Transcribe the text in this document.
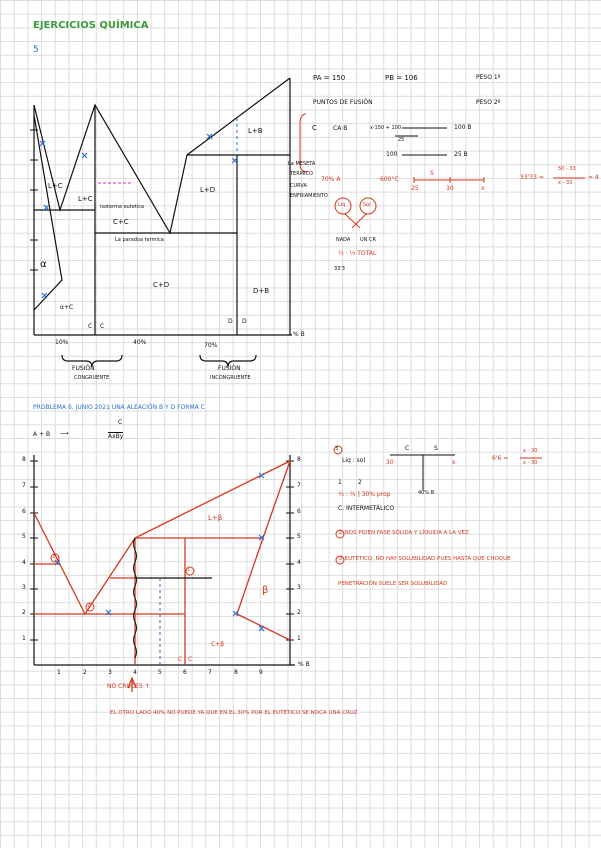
EJERCICIOS QUÍMICA
5
L+C
L+C
L+B
L+D
C+C
C+D
D+B
α
α+C
C C
D D
% B
10%	40%	70%
isoterma eutetica
La paradoa termica
FUSIÓN
CONGRUENTE
FUSIÓN
INCONGRUENTE
La MESETA
TERMICO
CURVA
ENFRIAMIENTO
PA = 150	PB = 106
PUNTOS DE FUSIÓN
PESO 1º
PESO 2º
C	CA B	x·150 + 100
25
100 B
100	25 B
70% A	600°C
S
25	30	x
33'33 =
50 - 33
x - 33
= 4
Liq	Sol
NADA UN CR
½ · ⅓ TOTAL
33'3
PROBLEMA 6. JUNIO 2021 UNA ALEACIÓN B Y D FORMA C
A + B ⟶
C
AxBy
8
7
6
5
4
3
2
1
8
7
6
5
4
3
2
1
1	2	3	4	5	6	7	8	9
% B
L+β
β
C+β
C C
NO CRUCES ↑
3
2
1
3
Liq : sol
C	S
30	x
40% B
6'6 =
x - 30
x - 30
1	2
⅓ : ⅔ ] 30% prop
C. INTERMETÁLICO
② NOS PIDEN FASE SÓLIDA Y LÍQUIDA A LA VEZ
③ EUTÉTICO, NO HAY SOLUBILIDAD PUES HASTA QUE CHOQUE
PENETRACIÓN SUELE SER SOLUBILIDAD
EL OTRO LADO 40% NO PUEDE YA QUE EN EL 30% POR EL EUTÉTICO SE NOCA UNA CRUZ
